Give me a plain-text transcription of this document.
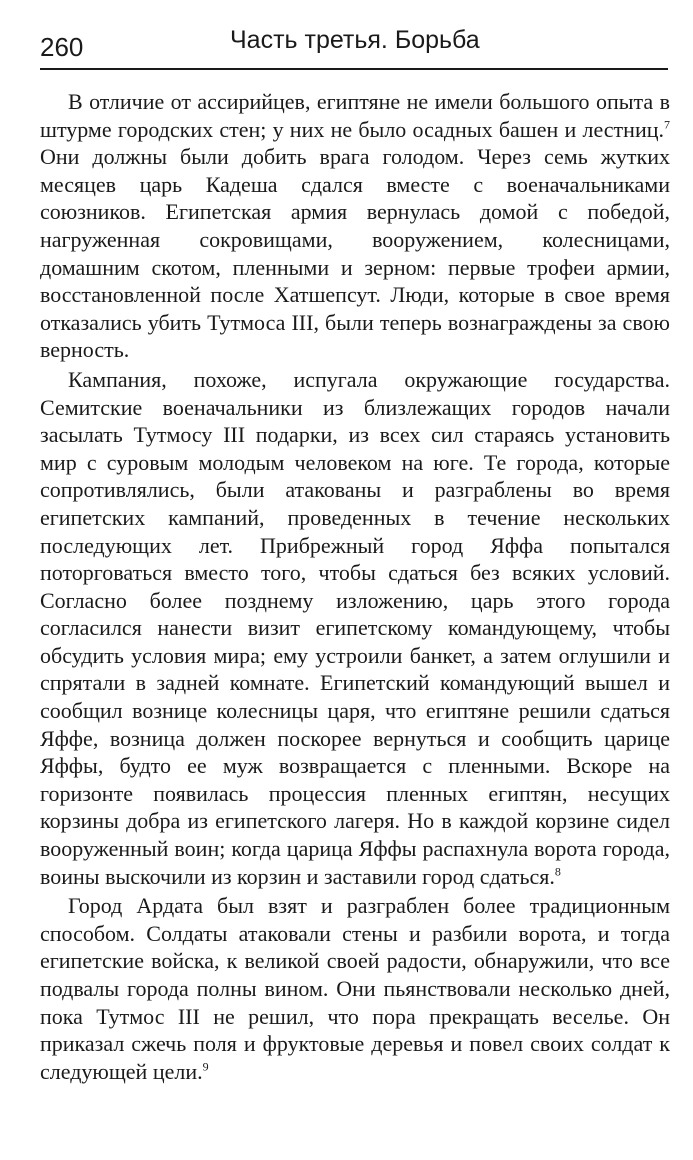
260	Часть третья. Борьба

В отличие от ассирийцев, египтяне не имели большого опыта в штурме городских стен; у них не было осадных башен и лестниц.$^7$ Они должны были добить врага голодом. Через семь жутких месяцев царь Кадеша сдался вместе с военачальниками союзников. Египетская армия вернулась домой с победой, нагруженная сокровищами, вооружением, колесницами, домашним скотом, пленными и зерном: первые трофеи армии, восстановленной после Хатшепсут. Люди, которые в свое время отказались убить Тутмоса III, были теперь вознаграждены за свою верность.

Кампания, похоже, испугала окружающие государства. Семитские военачальники из близлежащих городов начали засылать Тутмосу III подарки, из всех сил стараясь установить мир с суровым молодым человеком на юге. Те города, которые сопротивлялись, были атакованы и разграблены во время египетских кампаний, проведенных в течение нескольких последующих лет. Прибрежный город Яффа попытался поторговаться вместо того, чтобы сдаться без всяких условий. Согласно более позднему изложению, царь этого города согласился нанести визит египетскому командующему, чтобы обсудить условия мира; ему устроили банкет, а затем оглушили и спрятали в задней комнате. Египетский командующий вышел и сообщил вознице колесницы царя, что египтяне решили сдаться Яффе, возница должен поскорее вернуться и сообщить царице Яффы, будто ее муж возвращается с пленными. Вскоре на горизонте появилась процессия пленных египтян, несущих корзины добра из египетского лагеря. Но в каждой корзине сидел вооруженный воин; когда царица Яффы распахнула ворота города, воины выскочили из корзин и заставили город сдаться.$^8$

Город Ардата был взят и разграблен более традиционным способом. Солдаты атаковали стены и разбили ворота, и тогда египетские войска, к великой своей радости, обнаружили, что все подвалы города полны вином. Они пьянствовали несколько дней, пока Тутмос III не решил, что пора прекращать веселье. Он приказал сжечь поля и фруктовые деревья и повел своих солдат к следующей цели.$^9$
